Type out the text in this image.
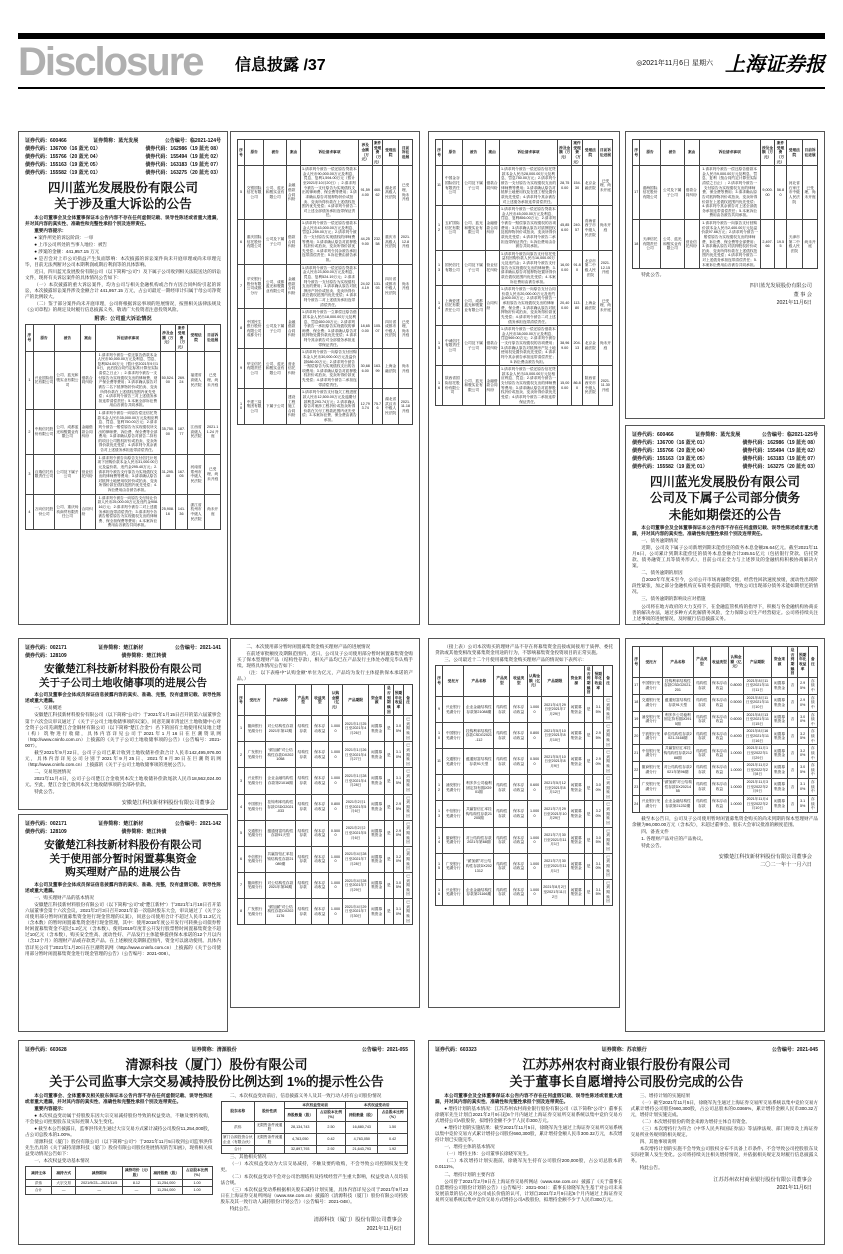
Disclosure 信息披露 /37	◎2021年11月6日 星期六 上海证券报
证券代码：600466	证券简称：蓝光发展	公告编号：临2021-124号
债券代码：136700（16 蓝光 01）	债券代码：162986（19 蓝光 08）
债券代码：155766（20 蓝光 04）	债券代码：155494（19 蓝光 02）
债券代码：155163（19 蓝光 05）	债券代码：163183（19 蓝光 07）
债券代码：155582（19 蓝光 01）	债券代码：163275（20 蓝光 03）
四川蓝光发展股份有限公司
关于涉及重大诉讼的公告

本公司董事会及全体董事保证本公告内容不存在任何虚假记载、误导性陈述或者重大遗漏，并对其内容的真实性、准确性和完整性承担个别及连带责任。

重要内容提示：

● 案件所处的诉讼阶段：一审

● 上市公司所处的当事人地位：被告

● 涉案的金额：441,957.15 万元

● 是否会对上市公司损益产生负面影响：本次披露的诉讼案件尚未开庭审理或尚未审理完毕，目前无法判断对公司本期利润或期后利润等的具体影响。

近日，四川蓝光发展股份有限公司（以下简称“公司”）及下属子公司收到相关法院送达的诉讼文件，现将有关诉讼案件的具体情况公告如下：

（一）本次披露的重大诉讼案件，均为公司与相关金融机构或合作方因合同纠纷引起的诉讼，本次披露诉讼案件涉及金额合计 441,957.15 万元，占公司最近一期经审计归属于母公司净资产的比例较大。

（二）鉴于部分案件尚未开庭审理，公司将根据诉讼事项的进展情况，按照相关法律法规及《公司章程》的规定及时履行信息披露义务，敬请广大投资者注意投资风险。

附表：公司重大诉讼情况
序号	原告	被告	案由	诉讼请求事项	涉及金额（万元）	案件受理费（万元）	受理法院	目前诉讼进展
1	兴业国际信托有限公司	公司、蓝光和骏实业有限公司	借款合同纠纷	1.请求判令被告一偿还原告借款本金人民币50,000.00万元及利息、罚息、复利524.00万元（暂计至2021年9月15日，此后按合同约定标准计算至实际清偿之日止）；2.请求判令被告一支付原告为实现债权支出的律师费、财产保全费等费用；3.请求确认原告对被告二名下抵押物折价或拍卖、变卖所得价款在上述债权范围内优先受偿；4.请求判令被告三对上述债务承担连带清偿责任；5.本案全部诉讼费用由各被告共同承担。	50,524.00	269.24	福建省高级人民法院	已受理，尚未开庭
2	中航信托股份有限公司	公司、成都蓝光和骏置业有限公司	金融借款合同纠纷	1.请求判令被告一向原告偿还信托贷款本金人民币35,000.00万元及相应利息、罚息、复利750.00万元；2.请求判令被告一赔偿原告为实现债权所支出的律师费、诉讼费、保全费等全部费用；3.请求确认原告对被告二持有的项目公司股权折价或拍卖、变卖所得价款优先受偿；4.请求判令其余被告对上述债务承担连带清偿责任。	35,750.00	187.77	江西省高级人民法院	2021.11.24 开庭
3	百瑞信托有限责任公司	公司及下属子公司	营业信托纠纷	1.请求判令被告向原告支付信托计划项下回购价款本金人民币31,000.00万元及溢价款、违约金295.40万元；2.请求判令被告支付原告为实现债权支出的律师费等费用；3.请求确认原告对抵押土地使用权折价或拍卖、变卖所得价款在债权范围内优先受偿；4.诉讼费用由各被告承担。	31,295.40	167.05	河南省郑州市中级人民法院	已受理，尚未开庭
4	万向信托股份公司	公司、重庆炀玖商贸有限责任公司	合同纠纷	1.请求判令被告一向原告支付转让价款人民币25,000.00万元及违约金908.16万元；2.请求判令被告二对上述债务承担连带清偿责任；3.请求判令各被告赔偿原告为实现债权支出的律师费、保全担保费等费用；4.本案诉讼费用由各被告共同承担。	25,908.16	141.36	浙江省杭州市中级人民法院	尚未开庭
序号	原告	被告	案由	诉讼请求事项	涉及金额（万元）	案件受理费（万元）	受理法院	目前诉讼进展
5	交银国际信托有限公司	公司、蓝光和骏实业有限公司	金融借款合同纠纷	1.请求判令被告一偿还原告贷款本金人民币90,000.00万元及利息、罚息、复利1,594.00万元（暂计至2021年10月20日）；2.请求判令被告一支付原告为实现债权支出的律师费、保全费等费用；3.请求确认原告对抵押物折价或拍卖、变卖所得价款在上述债权范围内优先受偿；4.请求判令被告二对上述全部债务承担连带保证责任。	91,594.00	460.62	湖北省高级人民法院	已受理，尚未开庭
6	重庆国际信托股份有限公司	公司及下属子公司	借款合同纠纷	1.请求判令被告一偿还原告借款本金人民币43,000.00万元及利息、罚息1,259.00万元；2.请求判令被告一支付原告实现债权的律师费等费用；3.请求确认原告对质押股权折价或拍卖、变卖所得价款优先受偿；4.请求判令其余被告承担连带清偿责任；5.诉讼费由被告承担。	44,259.00	232.58	重庆市高级人民法院	2021.12.8 开庭
7	平安银行股份有限公司成都分行	公司、成都蓝光和骏置业有限公司	金融借款合同纠纷	1.请求判令被告一偿还原告贷款本金人民币23,500.00万元及利息、罚息、复利524.19万元；2.请求判令被告一支付原告为实现债权支出的费用；3.请求确认原告对抵押房产折价或拍卖、变卖所得价款在债权范围内优先受偿；4.请求判令被告二对上述债务承担连带清偿责任。	24,024.19	131.93	四川省成都市中级人民法院	尚未开庭
8	中国民生银行股份有限公司成都分行	公司及下属子公司	金融借款合同纠纷	1.请求判令被告一立即偿还原告借款本金人民币18,000.00万元及利息、罚息650.00万元；2.请求判令被告一承担原告实现债权的律师费、保全费；3.请求确认原告对抵押物处置价款优先受偿；4.请求判令其余被告对全部债务承担连带保证责任。	18,650.00	105.07	四川省成都市中级人民法院	已受理，尚未开庭
9	华宝信托有限责任公司	公司、蓝光和骏实业有限公司	营业信托纠纷	1.请求判令被告一向原告支付回购本金人民币30,000.00万元及溢价款686.00万元；2.请求判令被告一赔偿原告为实现债权支出的各项费用；3.请求确认原告对质押股权折价或拍卖、变卖所得价款优先受偿；4.请求判令被告二承担连带清偿责任。	30,686.00	163.99	上海金融法院	尚未开庭
10	中建三局集团有限公司	下属子公司	建设工程施工合同纠纷	1.请求判令被告支付拖欠工程进度款人民币12,500.00万元及逾期付款利息293.74万元；2.请求确认原告对案涉工程折价或拍卖所得价款在欠付工程款范围内优先受偿；3.本案诉讼费、保全费由被告承担。	12,793.74	75.76	湖北省武汉市中级人民法院	2021.11.18 开庭
序号	原告	被告	案由	诉讼请求事项	涉及金额（万元）	案件受理费（万元）	受理法院	目前诉讼进展
11	中国金谷国际信托有限责任公司	公司及下属子公司	借款合同纠纷	1.请求判令被告一偿还原告信托贷款本金人民币28,000.00万元及利息、罚息750.00万元；2.请求判令被告一支付原告为实现债权支出的律师费等费用；3.请求确认原告对抵押土地使用权及在建工程处置价款优先受偿；4.请求判令其余被告对上述债务承担连带清偿责任。	28,750.00	154.30	北京金融法院	已受理，尚未开庭
12	五矿国际信托有限公司	公司、蓝光和骏实业有限公司	金融借款合同纠纷	1.请求判令被告一偿还原告贷款本金人民币45,000.00万元及利息、罚息、复利856.00万元；2.请求判令被告一赔偿原告实现债权的各项费用；3.请求确认原告对质押股权及抵押物折价或拍卖、变卖所得价款优先受偿；4.请求判令被告二承担连带保证责任；5.诉讼费用由各被告共同承担。	45,856.00	240.57	青海省西宁市中级人民法院	尚未开庭
13	国民信托有限公司	公司及下属子公司	营业信托纠纷	1.请求判令被告向原告支付信托受益权回购价款人民币16,000.00万元及违约金；2.请求判令被告支付原告为实现债权支出的律师费；3.请求确认原告对抵押物处置所得价款在债权范围内优先受偿；4.本案诉讼费用由被告承担。	16,000.00	91.80	北京市第二中级人民法院	2021.12.15 开庭
14	上海爱建信托有限责任公司	公司、成都蓝光和骏置业有限公司	合同纠纷	1.请求判令被告一向原告支付合同价款人民币20,000.00万元及违约金400.00万元；2.请求判令被告一承担原告为实现债权支出的律师费、保全费；3.请求确认原告对抵押物折价或拍卖、变卖所得价款优先受偿；4.请求判令被告二对上述债务承担连带清偿责任。	20,400.00	113.80	上海金融法院	已受理，尚未开庭
15	中诚信托有限责任公司	公司及下属子公司	借款合同纠纷	1.请求判令被告一偿还原告借款本金人民币38,000.00万元及利息、罚息969.00万元；2.请求判令被告一支付原告实现债权的各项费用；3.请求确认原告对抵押房产及土地使用权处置价款优先受偿；4.请求判令其余被告承担连带清偿责任；5.诉讼费由被告负担。	38,969.00	204.13	北京金融法院	尚未开庭
16	陕西省国际信托股份有限公司	公司、蓝光和骏实业有限公司	金融借款合同纠纷	1.请求判令被告一偿还原告信托贷款本金人民币15,000.00万元及相应利息、罚息；2.请求判令被告一支付原告为实现债权支出的律师费等费用；3.请求确认原告对质押股权折价或拍卖、变卖所得价款优先受偿；4.请求判令被告二承担连带保证责任。	15,000.00	86.80	陕西省西安市中级人民法院	2021.11.30 开庭
序号	原告	被告	案由	诉讼请求事项	涉及金额（万元）	案件受理费（万元）	受理法院	目前诉讼进展
17	渤海国际信托股份有限公司	公司及下属子公司	借款合同纠纷	1.请求判令被告一偿还原告借款本金人民币9,000.00万元及利息、罚息、复利（按合同约定计算至实际清偿之日止）；2.请求判令被告一支付原告为实现债权支出的律师费、保全费等费用；3.请求确认原告对抵押物折价或拍卖、变卖所得价款在上述债权范围内优先受偿；4.请求判令其余被告对上述全部债务承担连带清偿责任；5.本案诉讼费用由各被告共同承担。	9,000.00	56.80	河北省石家庄市中级人民法院	已受理，尚未开庭
18	天津信托有限责任公司	公司、蓝光和骏实业有限公司	营业信托纠纷	1.请求判令被告一向原告支付回购价款本金人民币2,400.00万元及溢价款97.66万元；2.请求判令被告一赔偿原告为实现债权支出的律师费、诉讼费、保全费等全部费用；3.请求确认原告对质押股权折价或拍卖、变卖所得价款在上述债权范围内优先受偿；4.请求判令被告二对上述债务承担连带清偿责任；5.本案诉讼费用由各被告共同承担。	2,497.66	19.55	天津市第二中级人民法院	尚未开庭

特此公告。

四川蓝光发展股份有限公司
董 事 会
2021年11月6日
证券代码：600466	证券简称：蓝光发展	公告编号：临2021-125号
债券代码：136700（16 蓝光 01）	债券代码：162986（19 蓝光 08）
债券代码：155766（20 蓝光 04）	债券代码：155494（19 蓝光 02）
债券代码：155163（19 蓝光 05）	债券代码：163183（19 蓝光 07）
债券代码：155582（19 蓝光 01）	债券代码：163275（20 蓝光 03）
四川蓝光发展股份有限公司
公司及下属子公司部分债务
未能如期偿还的公告

本公司董事会及全体董事保证本公告内容不存在任何虚假记载、误导性陈述或者重大遗漏，并对其内容的真实性、准确性和完整性承担个别及连带责任。

一、债务逾期情况

近期，公司及下属子公司新增到期未能偿还的债务本息金额26.64亿元。截至2021年11月6日，公司累计到期未能偿还的债务本息金额合计245.51亿元（包括银行贷款、信托贷款、债务融资工具等债务形式），目前公司正全力与上述涉及的金融机构积极协商解决方案。

二、债务逾期的原因

自2020年年度末至今，公司公开市场再融资受阻，经营性回款速度放缓，流动性出现阶段性紧张，加之部分金融机构宣布债务提前到期，导致公司出现部分债务未能如期偿还的情况。

三、债务逾期的影响及应对措施

公司将在地方政府的大力支持下，在金融监管机构的指导下，积极与各金融机构协商妥善的解决办法，通过多种方式化解債务风险，全力保障公司生产经营稳定。公司将持续关注上述事项的进展情况，及时履行信息披露义务。

证券代码：002171	证券简称：楚江新材	公告编号：2021-141
债券代码：128109	债券简称：楚江转债
安徽楚江科技新材料股份有限公司
关于子公司土地收储事项的进展公告

本公司及董事会全体成员保证信息披露内容的真实、准确、完整，没有虚假记载、误导性陈述或重大遗漏。

一、交易概述

安徽楚江科技新材料股份有限公司（以下简称“公司”）于2021年1月15日召开的第六届董事会第十六次会议审议通过了《关于子公司土地收储事项的议案》，同意芜湖市湾沚区土地收储中心对全资子公司芜湖楚江合金铜材有限公司（以下简称“楚江合金”）名下的国有土地使用权及地上建（构）筑物进行收储，具体内容详见公司于2021年1月16日在巨潮资讯网（http://www.cninfo.com.cn）上披露的《关于子公司土地收储事项的公告》（公告编号：2021-007）。

截至2021年9月22日，公司子公司已累计收到土地收储补偿款合计人民币142,495,976.00元，具体内容详见公司分别于2021年9月25日、2021年9月30日在巨潮资讯网（http://www.cninfo.com.cn）上披露的《关于子公司土地收储事项的进展公告》。

二、交易进展情况

2021年11月4日，公司子公司楚江合金收到本次土地收储补偿款尾款人民币18,562,024.00元。至此，楚江合金已收到本次土地收储事项的全部补偿款。

特此公告。

安徽楚江科技新材料股份有限公司董事会
证券代码：002171	证券简称：楚江新材	公告编号：2021-142
债券代码：128109	债券简称：楚江转债
安徽楚江科技新材料股份有限公司
关于使用部分暂时闲置募集资金
购买理财产品的进展公告

本公司及董事会全体成员保证信息披露内容的真实、准确、完整，没有虚假记载、误导性陈述或重大遗漏。

一、购买理财产品的基本情况

安徽楚江科技新材料股份有限公司（以下简称“公司”或“楚江新材”）于2021年1月18日召开第六届董事会第十六次会议、2021年2月3日召开2021年第一次临时股东大会，审议通过了《关于公司使用部分暂时闲置募集资金进行现金管理的议案》，同意公司使用合计不超过人民币11.2亿元（含本数）的暂时闲置募集资金进行现金管理，其中：使用2018年度公开发行可转换公司债券暂时闲置募集资金不超过1.2亿元（含本数）、使用2019年度非公开发行股票暂时闲置募集资金不超过10亿元（含本数），购买安全性高、流动性好、产品发行主体能够提供保本承诺的12个月以内（含12个月）的理财产品或存款类产品。在上述额度及期限范围内，资金可以滚动使用。具体内容详见公司于2021年1月20日在巨潮资讯网（http://www.cninfo.com.cn）上披露的《关于公司使用部分暂时闲置募集资金进行现金管理的公告》（公告编号：2021-008）。

二、本次使用部分暂时闲置募集资金购买理财产品的进展情况

在前述审批额度及期限范围内，近日，公司及子公司使用部分暂时闲置募集资金购买了保本型理财产品（结构性存款），相关产品均已在产品发行主体处办理完毕认购手续。现将具体情况公告如下：

（注：以下表格中“认购金额”单位为亿元，产品均为发行主体提供保本承诺的产品。）

序号	受托方	产品名称	产品类型	收益类型	认购金额（亿元）	产品期限	资金来源	是否到期赎回	预期年化收益率	备注
1	徽商银行芜湖分行	对公结构性存款2021年第12期	结构性存款	保本浮动收益	1.0000	2021年1月25日至2021年4月26日	闲置募集资金	是	3.05%	已到期赎回
2	广发银行芜湖分行	“薪加薪”对公结构性存款DX2021058	结构性存款	保本浮动收益	1.0000	2021年1月26日至2021年4月27日	闲置募集资金	是	3.10%	已到期赎回
3	兴业银行芜湖分行	企业金融结构性存款第21016期	结构性存款	保本浮动收益	1.0000	2021年1月28日至2021年4月28日	闲置募集资金	是	3.15%	已到期赎回
4	中国银行芜湖分行	挂钩利率结构性存款CSDG2021-033	结构性存款	保本浮动收益	0.8000	2021年2月1日至2021年5月6日	闲置募集资金	是	2.95%	已到期赎回
5	交通银行芜湖分行	蕴通财富结构性存款91天型	结构性存款	保本浮动收益	0.5000	2021年2月2日至2021年5月6日	闲置募集资金	是	2.90%	已到期赎回
6	中信银行芜湖分行	共赢智信汇率挂钩结构性存款21089期	结构性存款	保本浮动收益	1.0000	2021年4月28日至2021年7月28日	闲置募集资金	是	3.20%	已到期赎回
7	徽商银行芜湖分行	对公结构性存款2021年第36期	结构性存款	保本浮动收益	1.0000	2021年4月28日至2021年7月29日	闲置募集资金	是	3.05%	已到期赎回
8	广发银行芜湖分行	“薪加薪”对公结构性存款DX2021176	结构性存款	保本浮动收益	1.0000	2021年4月29日至2021年7月30日	闲置募集资金	是	3.10%	已到期赎回

（接上表）公司本次购买的理财产品不存在将募集资金直接或间接用于质押、委托贷款或其他变相改变募集资金用途的行为，不影响募集资金投资项目的正常实施。

三、公司最近十二个月使用募集资金购买理财产品的情况如下表所示：

序号	受托方	产品名称	产品类型	收益类型	认购金额（亿元）	产品期限	资金来源	是否到期赎回	预期年化收益率	备注
9	兴业银行芜湖分行	企业金融结构性存款第21088期	结构性存款	保本浮动收益	1.0000	2021年4月29日至2021年7月29日	闲置募集资金	是	3.15%	已到期赎回
10	中国银行芜湖分行	挂钩利率结构性存款CSDG2021-112	结构性存款	保本浮动收益	0.8000	2021年5月10日至2021年8月10日	闲置募集资金	是	2.95%	已到期赎回
11	交通银行芜湖分行	蕴通财富结构性存款91天型	结构性存款	保本浮动收益	0.5000	2021年5月10日至2021年8月9日	闲置募集资金	是	2.90%	已到期赎回
12	浦发银行芜湖分行	利多多公司稳利固定持有期JG901期	结构性存款	保本浮动收益	0.6000	2021年5月12日至2021年8月12日	闲置募集资金	是	3.00%	已到期赎回
13	中信银行芜湖分行	共赢智信汇率挂钩结构性存款21205期	结构性存款	保本浮动收益	1.0000	2021年7月29日至2021年10月29日	闲置募集资金	是	3.20%	已到期赎回
14	徽商银行芜湖分行	对公结构性存款2021年第68期	结构性存款	保本浮动收益	1.0000	2021年7月30日至2021年11月1日	闲置募集资金	是	3.05%	已到期赎回
15	广发银行芜湖分行	“薪加薪”对公结构性存款DX2021312	结构性存款	保本浮动收益	1.0000	2021年7月30日至2021年11月1日	闲置募集资金	是	3.10%	已到期赎回
16	兴业银行芜湖分行	企业金融结构性存款第21166期	结构性存款	保本浮动收益	1.0000	2021年8月2日至2021年11月2日	闲置募集资金	是	3.15%	已到期赎回
序号	受托方	产品名称	产品类型	收益类型	认购金额（亿元）	产品期限	资金来源	是否到期赎回	预期年化收益率	备注
17	中国银行芜湖分行	挂钩利率结构性存款CSDG2021-201	结构性存款	保本浮动收益	0.8000	2021年8月11日至2021年11月11日	闲置募集资金	否	2.95%	存续中
18	交通银行芜湖分行	蕴通财富结构性存款91天型	结构性存款	保本浮动收益	0.5000	2021年8月11日至2021年11月10日	闲置募集资金	否	2.90%	存续中
19	浦发银行芜湖分行	利多多公司稳利固定持有期JG915期	结构性存款	保本浮动收益	0.6000	2021年8月13日至2021年11月15日	闲置募集资金	否	3.00%	存续中
20	宁波银行芜湖分行	单位结构性存款2021-3168期	结构性存款	保本浮动收益	0.4000	2021年8月16日至2021年11月16日	闲置募集资金	否	3.25%	存续中
21	中信银行芜湖分行	共赢智信汇率挂钩结构性存款21288期	结构性存款	保本浮动收益	1.0000	2021年11月1日至2022年1月29日	闲置募集资金	否	3.20%	存续中
22	徽商银行芜湖分行	对公结构性存款2021年第96期	结构性存款	保本浮动收益	1.0000	2021年11月2日至2022年2月8日	闲置募集资金	否	3.05%	存续中
23	广发银行芜湖分行	“薪加薪”对公结构性存款DX2021455	结构性存款	保本浮动收益	1.0000	2021年11月3日至2022年2月9日	闲置募集资金	否	3.10%	存续中
24	兴业银行芜湖分行	企业金融结构性存款第21232期	结构性存款	保本浮动收益	1.0000	2021年11月4日至2022年2月10日	闲置募集资金	否	3.15%	存续中

截至本公告日，公司及子公司使用暂时闲置募集资金购买的尚未到期的保本型理财产品余额为96,000.00万元（含本次），未超过董事会、股东大会审议批准的额度范围。

四、备查文件

1. 各理财产品对应的产品协议。

特此公告。

安徽楚江科技新材料股份有限公司董事会
二〇二一年十一月六日
证券代码：603628	证券简称：清源股份	公告编号：2021-055
清源科技（厦门）股份有限公司
关于公司监事大宗交易减持股份比例达到 1%的提示性公告

本公司董事会、全体董事及相关股东保证本公告内容不存在任何虚假记载、误导性陈述或者重大遗漏，并对其内容的真实性、准确性和完整性承担个别及连带责任。

重要内容提示：

● 本次权益变动属于持股股东因大宗交易减持股份导致的权益变动，不触及要约收购，不会使公司控股股东及实际控制人发生变化。

● 截至本公告披露日，监事洪伟先生通过大宗交易方式累计减持公司股份11,254,000股，占公司总股本的1.00%。

清源科技（厦门）股份有限公司（以下简称“公司”）于2021年11月5日收到公司监事洪伟先生出具的《关于减持清源科技（厦门）股份有限公司股份进展情况的告知函》，现将相关权益变动情况公告如下：

一、本次权益变动基本情况

减持主体	减持方式	减持期间	减持均价（元/股）	减持股数（股）	占总股本比例（%）
洪伟	大宗交易	2021/9/23—2021/11/5	8.12	11,254,000	1.00
合计	—	—	—	11,254,000	1.00

二、本次权益变动前后，信息披露义务人及其一致行动人持有公司股份情况

股东名称	股份性质	本次权益变动前		本次权益变动后	
		持股数量（股）	占总股本比例（%）	持股数量（股）	占总股本比例（%）
洪伟	无限售条件流通股	28,134,743	2.50	16,880,743	1.50
厦门合源投资合伙企业（有限合伙）	无限售条件流通股	4,763,050	0.42	4,763,050	0.42
合计		32,897,793	2.92	21,643,793	1.92

三、其他相关情况

（一）本次权益变动为大宗交易减持，不触及要约收购，不会导致公司控制权发生变更。

（二）本次权益变动不会对公司治理结构及持续经营产生重大影响，权益变动人员均依法合规。

（三）本次权益变动系根据相关股东减持计划实施，具体内容详见公司于2021年9月23日在上海证券交易所网站（www.sse.com.cn）披露的《清源科技（厦门）股份有限公司持股股东及其一致行动人减持股份计划公告》（公告编号：2021-048）。

特此公告。

清源科技（厦门）股份有限公司董事会
2021年11月6日
证券代码：603323	证券简称：苏农银行	公告编号：2021-045
江苏苏州农村商业银行股份有限公司
关于董事长自愿增持公司股份完成的公告

本公司董事会及全体董事保证本公告内容不存在任何虚假记载、误导性陈述或者重大遗漏，并对其内容的真实性、准确性和完整性承担个别及连带责任。

● 增持计划的基本情况：江苏苏州农村商业银行股份有限公司（以下简称“公司”）董事长徐晓军先生计划自2021年2月9日起6个月内通过上海证券交易所交易系统以集中竞价交易方式增持公司A股股份，拟增持金额不少于人民币300万元。

● 增持计划的实施结果：截至2021年11月5日，徐晓军先生通过上海证券交易所交易系统以集中竞价交易方式累计增持公司股份660,300股，累计增持金额人民币300.32万元，本次增持计划已实施完毕。

一、增持主体的基本情况

（一）增持主体：公司董事长徐晓军先生。

（二）本次增持计划实施前，徐晓军先生持有公司股份200,000股，占公司总股本的0.0111%。

二、增持计划的主要内容

公司曾于2021年2月9日在上海证券交易所网站（www.sse.com.cn）披露了《关于董事长自愿增持公司股份计划的公告》（公告编号：2021-004）：董事长徐晓军先生基于对公司未来发展前景的信心及对公司成长价值的认可，计划自2021年2月9日起6个月内通过上海证券交易所交易系统以集中竞价交易方式增持公司A股股份，拟增持金额不少于人民币300万元。

三、增持计划的实施结果

（一）截至2021年11月5日，徐晓军先生通过上海证券交易所交易系统以集中竞价交易方式累计增持公司股份660,300股，占公司总股本的0.0366%，累计增持金额人民币300.32万元，增持计划实施完成。

（二）本次增持股份的资金来源为增持主体自有资金。

（三）本次增持行为符合《中华人民共和国证券法》等法律法规、部门规章及上海证券交易所业务规则的相关规定。

四、其他事项说明

本次增持计划的实施不会导致公司股权分布不具备上市条件，不会导致公司控股股东及实际控制人发生变化。公司将持续关注相关增持情况，并依据相关规定及时履行信息披露义务。

特此公告。

江苏苏州农村商业银行股份有限公司董事会
2021年11月6日
